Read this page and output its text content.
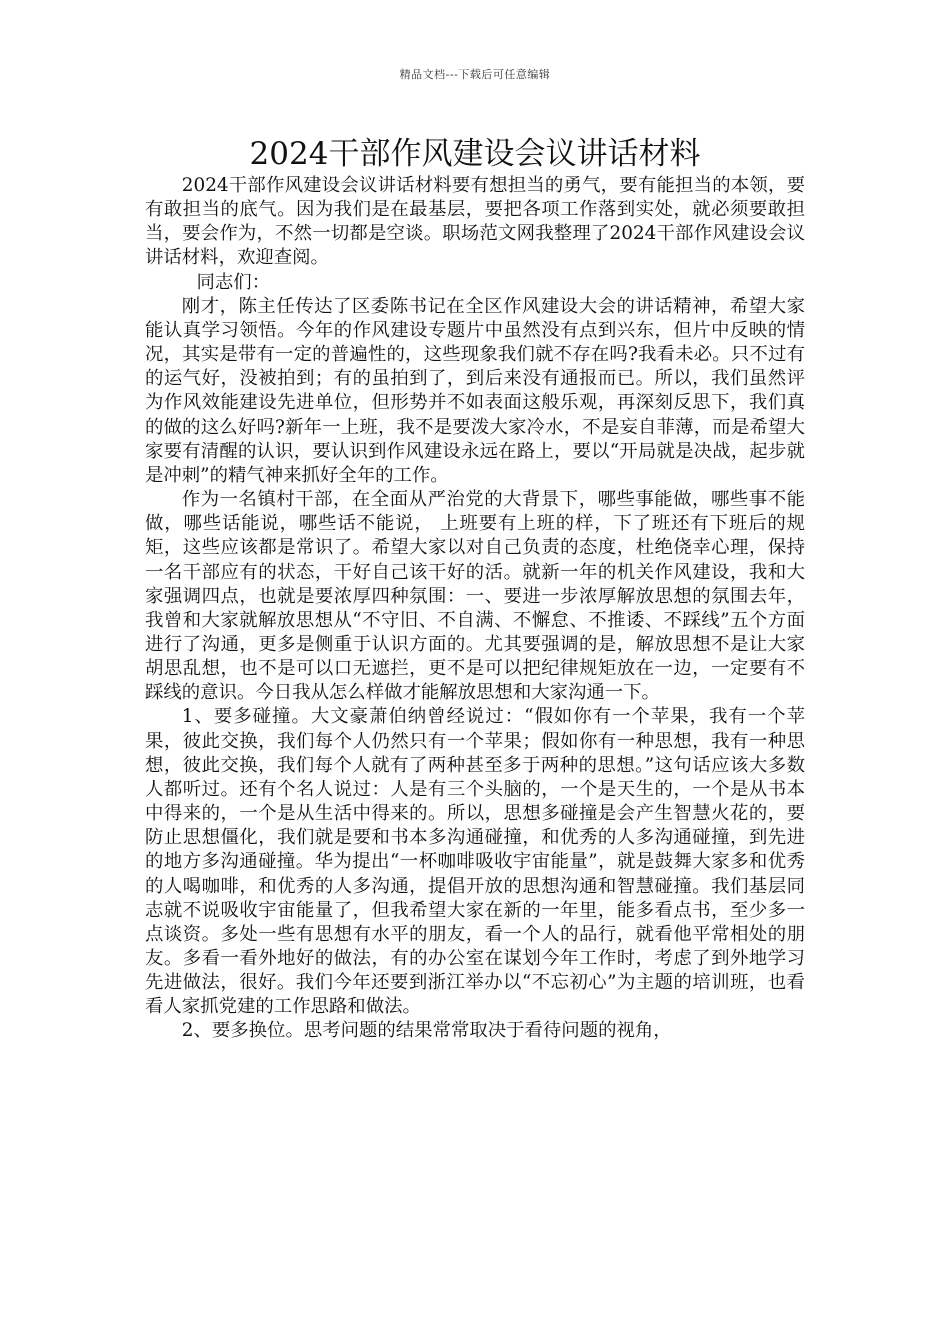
精品文档---下载后可任意编辑
2024干部作风建设会议讲话材料

2024干部作风建设会议讲话材料要有想担当的勇气，要有能担当的本领，要有敢担当的底气。因为我们是在最基层，要把各项工作落到实处，就必须要敢担当，要会作为，不然一切都是空谈。职场范文网我整理了2024干部作风建设会议讲话材料，欢迎查阅。

同志们：

刚才，陈主任传达了区委陈书记在全区作风建设大会的讲话精神，希望大家能认真学习领悟。今年的作风建设专题片中虽然没有点到兴东，但片中反映的情况，其实是带有一定的普遍性的，这些现象我们就不存在吗?我看未必。只不过有的运气好，没被拍到；有的虽拍到了，到后来没有通报而已。所以，我们虽然评为作风效能建设先进单位，但形势并不如表面这般乐观，再深刻反思下，我们真的做的这么好吗?新年一上班，我不是要泼大家冷水，不是妄自菲薄，而是希望大家要有清醒的认识，要认识到作风建设永远在路上，要以“开局就是决战，起步就是冲刺”的精气神来抓好全年的工作。

作为一名镇村干部，在全面从严治党的大背景下，哪些事能做，哪些事不能做，哪些话能说，哪些话不能说， 上班要有上班的样，下了班还有下班后的规矩，这些应该都是常识了。希望大家以对自己负责的态度，杜绝侥幸心理，保持一名干部应有的状态，干好自己该干好的活。就新一年的机关作风建设，我和大家强调四点，也就是要浓厚四种氛围：一、要进一步浓厚解放思想的氛围去年，我曾和大家就解放思想从“不守旧、不自满、不懈怠、不推诿、不踩线”五个方面进行了沟通，更多是侧重于认识方面的。尤其要强调的是，解放思想不是让大家胡思乱想，也不是可以口无遮拦，更不是可以把纪律规矩放在一边，一定要有不踩线的意识。今日我从怎么样做才能解放思想和大家沟通一下。

1、要多碰撞。大文豪萧伯纳曾经说过：“假如你有一个苹果，我有一个苹果，彼此交换，我们每个人仍然只有一个苹果；假如你有一种思想，我有一种思想，彼此交换，我们每个人就有了两种甚至多于两种的思想。”这句话应该大多数人都听过。还有个名人说过：人是有三个头脑的，一个是天生的，一个是从书本中得来的，一个是从生活中得来的。所以，思想多碰撞是会产生智慧火花的，要防止思想僵化，我们就是要和书本多沟通碰撞，和优秀的人多沟通碰撞，到先进的地方多沟通碰撞。华为提出“一杯咖啡吸收宇宙能量”，就是鼓舞大家多和优秀的人喝咖啡，和优秀的人多沟通，提倡开放的思想沟通和智慧碰撞。我们基层同志就不说吸收宇宙能量了，但我希望大家在新的一年里，能多看点书，至少多一点谈资。多处一些有思想有水平的朋友，看一个人的品行，就看他平常相处的朋友。多看一看外地好的做法，有的办公室在谋划今年工作时，考虑了到外地学习先进做法，很好。我们今年还要到浙江举办以“不忘初心”为主题的培训班，也看看人家抓党建的工作思路和做法。

2、要多换位。思考问题的结果常常取决于看待问题的视角，
